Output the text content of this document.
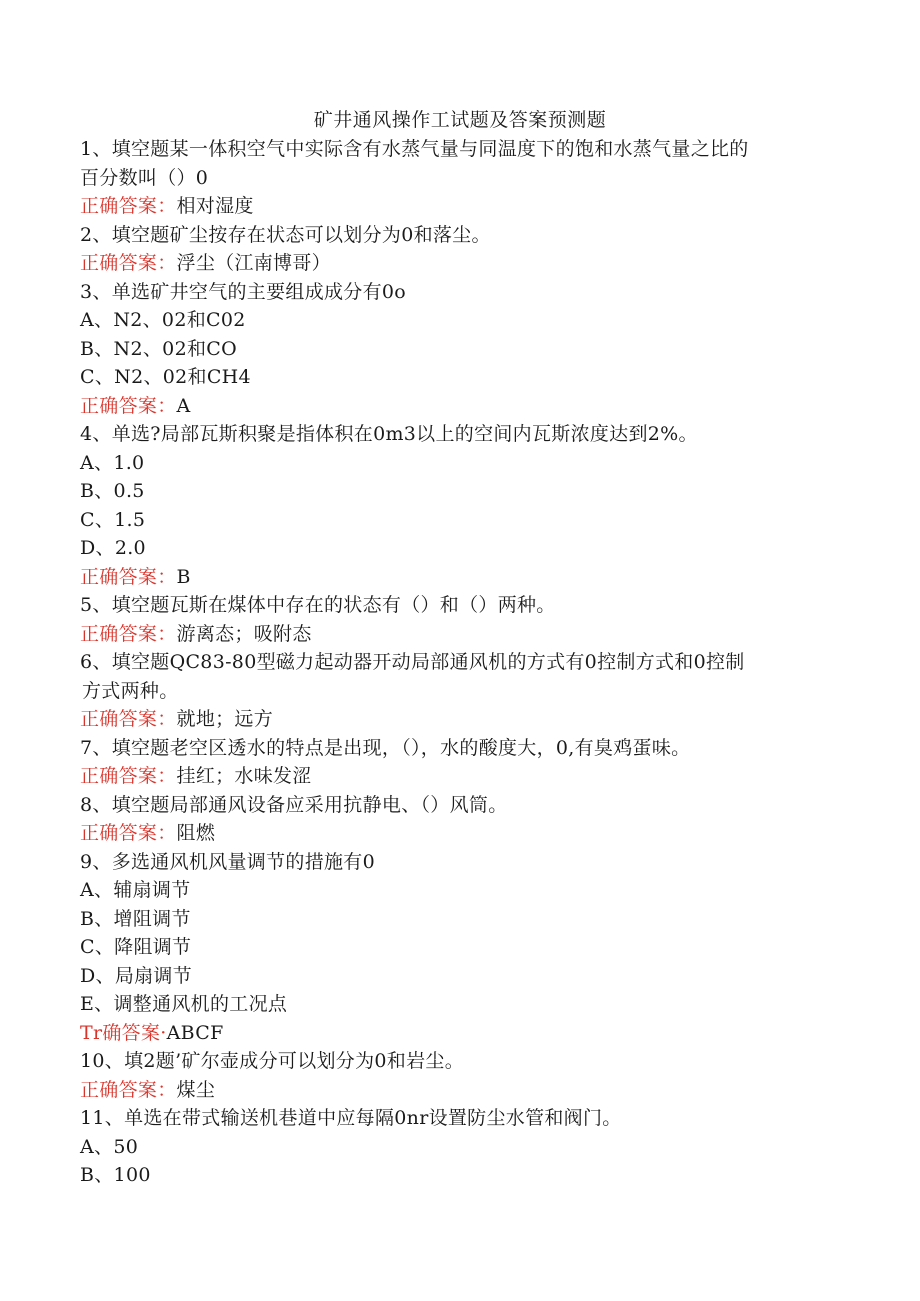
矿井通风操作工试题及答案预测题
1、填空题某一体积空气中实际含有水蒸气量与同温度下的饱和水蒸气量之比的
百分数叫（）0
正确答案：相对湿度
2、填空题矿尘按存在状态可以划分为0和落尘。
正确答案：浮尘（江南博哥）
3、单选矿井空气的主要组成成分有0o
A、N2、02和C02
B、N2、02和CO
C、N2、02和CH4
正确答案：A
4、单选?局部瓦斯积聚是指体积在0m3以上的空间内瓦斯浓度达到2%。
A、1.0
B、0.5
C、1.5
D、2.0
正确答案：B
5、填空题瓦斯在煤体中存在的状态有（）和（）两种。
正确答案：游离态；吸附态
6、填空题QC83-80型磁力起动器开动局部通风机的方式有0控制方式和0控制
方式两种。
正确答案：就地；远方
7、填空题老空区透水的特点是出现，（），水的酸度大，0,有臭鸡蛋味。
正确答案：挂红；水味发涩
8、填空题局部通风设备应采用抗静电、（）风筒。
正确答案：阻燃
9、多选通风机风量调节的措施有0
A、辅扇调节
B、增阻调节
C、降阻调节
D、局扇调节
E、调整通风机的工况点
Tr确答案·ABCF
10、填2题’矿尔壶成分可以划分为0和岩尘。
正确答案：煤尘
11、单选在带式输送机巷道中应每隔0nr设置防尘水管和阀门。
A、50
B、100
